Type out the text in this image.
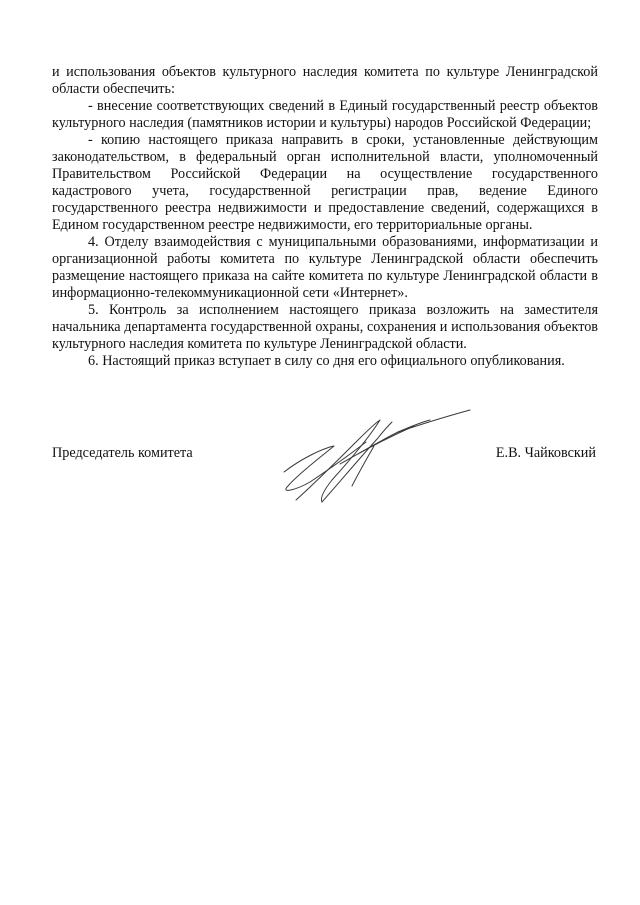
и использования объектов культурного наследия комитета по культуре Ленинградской области обеспечить:

- внесение соответствующих сведений в Единый государственный реестр объектов культурного наследия (памятников истории и культуры) народов Российской Федерации;

- копию настоящего приказа направить в сроки, установленные действующим законодательством, в федеральный орган исполнительной власти, уполномоченный Правительством Российской Федерации на осуществление государственного кадастрового учета, государственной регистрации прав, ведение Единого государственного реестра недвижимости и предоставление сведений, содержащихся в Едином государственном реестре недвижимости, его территориальные органы.

4. Отделу взаимодействия с муниципальными образованиями, информатизации и организационной работы комитета по культуре Ленинградской области обеспечить размещение настоящего приказа на сайте комитета по культуре Ленинградской области в информационно-телекоммуникационной сети «Интернет».

5. Контроль за исполнением настоящего приказа возложить на заместителя начальника департамента государственной охраны, сохранения и использования объектов культурного наследия комитета по культуре Ленинградской области.

6. Настоящий приказ вступает в силу со дня его официального опубликования.

Председатель комитета	Е.В. Чайковский
